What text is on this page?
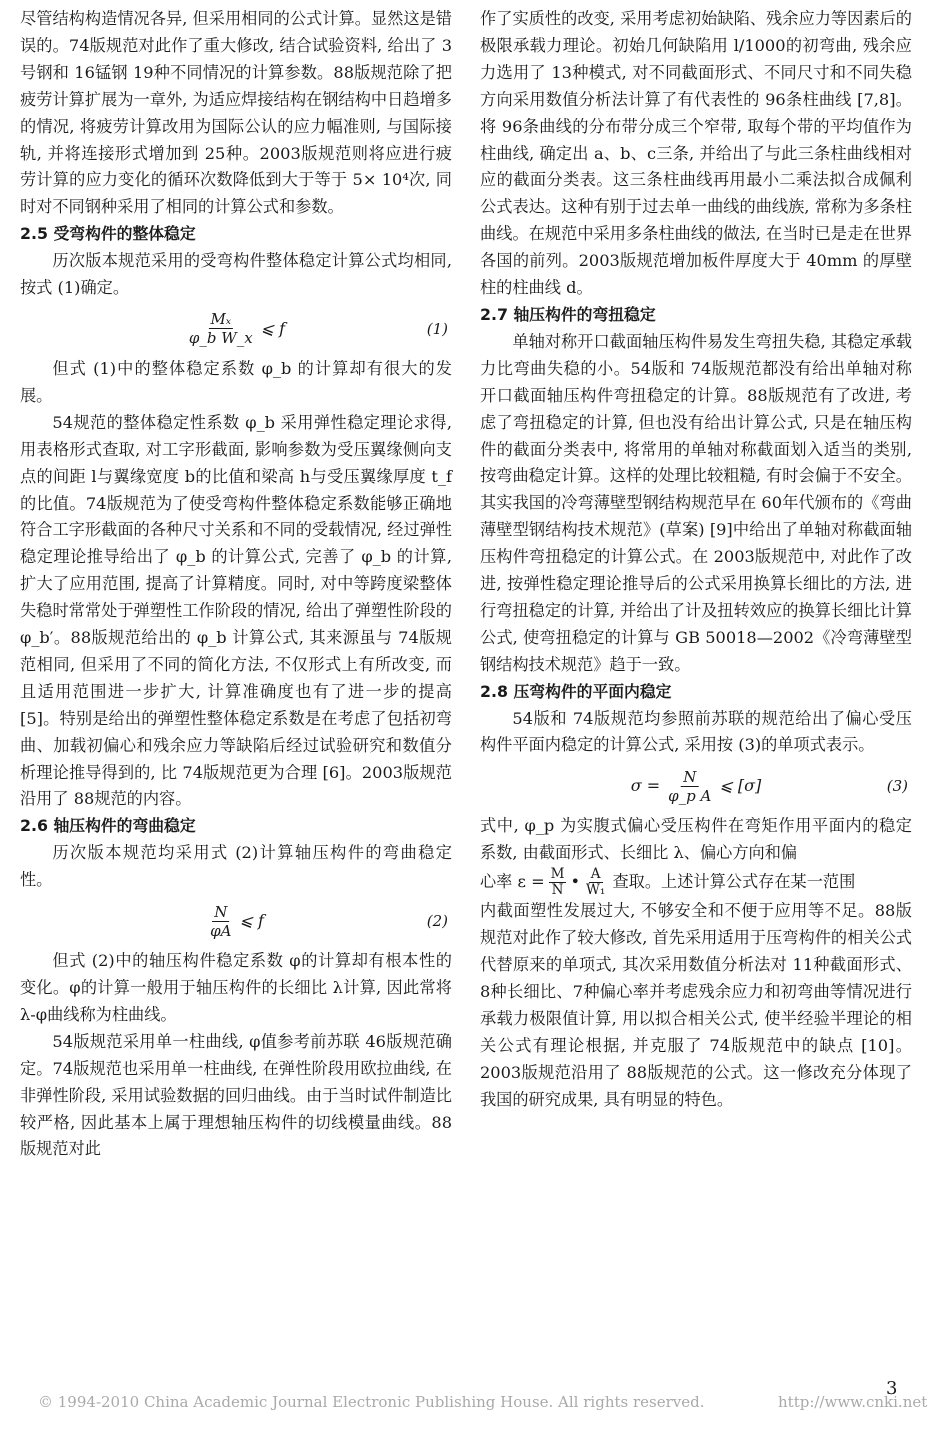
尽管结构构造情况各异, 但采用相同的公式计算。显然这是错误的。74版规范对此作了重大修改, 结合试验资料, 给出了 3号钢和 16锰钢 19种不同情况的计算参数。88版规范除了把疲劳计算扩展为一章外, 为适应焊接结构在钢结构中日趋增多的情况, 将疲劳计算改用为国际公认的应力幅准则, 与国际接轨, 并将连接形式增加到 25种。2003版规范则将应进行疲劳计算的应力变化的循环次数降低到大于等于 5× 10⁴次, 同时对不同钢种采用了相同的计算公式和参数。

2.5 受弯构件的整体稳定

历次版本规范采用的受弯构件整体稳定计算公式均相同, 按式 (1)确定。

$\frac{\text{Mₓ}}{\text{φ\_b W\_x}}$ ⩽ f	(1)

但式 (1)中的整体稳定系数 φ_b 的计算却有很大的发展。

54规范的整体稳定性系数 φ_b 采用弹性稳定理论求得, 用表格形式查取, 对工字形截面, 影响参数为受压翼缘侧向支点的间距 l与翼缘宽度 b的比值和梁高 h与受压翼缘厚度 t_f的比值。74版规范为了使受弯构件整体稳定系数能够正确地符合工字形截面的各种尺寸关系和不同的受载情况, 经过弹性稳定理论推导给出了 φ_b 的计算公式, 完善了 φ_b 的计算, 扩大了应用范围, 提高了计算精度。同时, 对中等跨度梁整体失稳时常常处于弹塑性工作阶段的情况, 给出了弹塑性阶段的 φ_b′。88版规范给出的 φ_b 计算公式, 其来源虽与 74版规范相同, 但采用了不同的简化方法, 不仅形式上有所改变, 而且适用范围进一步扩大, 计算准确度也有了进一步的提高 [5]。特别是给出的弹塑性整体稳定系数是在考虑了包括初弯曲、加载初偏心和残余应力等缺陷后经过试验研究和数值分析理论推导得到的, 比 74版规范更为合理 [6]。2003版规范沿用了 88规范的内容。

2.6 轴压构件的弯曲稳定

历次版本规范均采用式 (2)计算轴压构件的弯曲稳定性。

$\frac{N}{\varphi A}$ ⩽ f	(2)

但式 (2)中的轴压构件稳定系数 φ的计算却有根本性的变化。φ的计算一般用于轴压构件的长细比 λ计算, 因此常将 λ-φ曲线称为柱曲线。

54版规范采用单一柱曲线, φ值参考前苏联 46版规范确定。74版规范也采用单一柱曲线, 在弹性阶段用欧拉曲线, 在非弹性阶段, 采用试验数据的回归曲线。由于当时试件制造比较严格, 因此基本上属于理想轴压构件的切线模量曲线。88版规范对此

作了实质性的改变, 采用考虑初始缺陷、残余应力等因素后的极限承载力理论。初始几何缺陷用 l/1000的初弯曲, 残余应力选用了 13种模式, 对不同截面形式、不同尺寸和不同失稳方向采用数值分析法计算了有代表性的 96条柱曲线 [7,8]。将 96条曲线的分布带分成三个窄带, 取每个带的平均值作为柱曲线, 确定出 a、b、c三条, 并给出了与此三条柱曲线相对应的截面分类表。这三条柱曲线再用最小二乘法拟合成佩利公式表达。这种有别于过去单一曲线的曲线族, 常称为多条柱曲线。在规范中采用多条柱曲线的做法, 在当时已是走在世界各国的前列。2003版规范增加板件厚度大于 40mm 的厚壁柱的柱曲线 d。

2.7 轴压构件的弯扭稳定

单轴对称开口截面轴压构件易发生弯扭失稳, 其稳定承载力比弯曲失稳的小。54版和 74版规范都没有给出单轴对称开口截面轴压构件弯扭稳定的计算。88版规范有了改进, 考虑了弯扭稳定的计算, 但也没有给出计算公式, 只是在轴压构件的截面分类表中, 将常用的单轴对称截面划入适当的类别, 按弯曲稳定计算。这样的处理比较粗糙, 有时会偏于不安全。其实我国的冷弯薄壁型钢结构规范早在 60年代颁布的《弯曲薄壁型钢结构技术规范》(草案) [9]中给出了单轴对称截面轴压构件弯扭稳定的计算公式。在 2003版规范中, 对此作了改进, 按弹性稳定理论推导后的公式采用换算长细比的方法, 进行弯扭稳定的计算, 并给出了计及扭转效应的换算长细比计算公式, 使弯扭稳定的计算与 GB 50018—2002《冷弯薄壁型钢结构技术规范》趋于一致。

2.8 压弯构件的平面内稳定

54版和 74版规范均参照前苏联的规范给出了偏心受压构件平面内稳定的计算公式, 采用按 (3)的单项式表示。

$\sigma = \frac{N}{\text{φ\_p A}}$ ⩽ [σ]	(3)

式中, φ_p 为实腹式偏心受压构件在弯矩作用平面内的稳定系数, 由截面形式、长细比 λ、偏心方向和偏

心率 $\varepsilon = \frac{M}{N}$ • $\frac{A}{\text{W₁}}$ 查取。上述计算公式存在某一范围

内截面塑性发展过大, 不够安全和不便于应用等不足。88版规范对此作了较大修改, 首先采用适用于压弯构件的相关公式代替原来的单项式, 其次采用数值分析法对 11种截面形式、8种长细比、7种偏心率并考虑残余应力和初弯曲等情况进行承载力极限值计算, 用以拟合相关公式, 使半经验半理论的相关公式有理论根据, 并克服了 74版规范中的缺点 [10]。2003版规范沿用了 88版规范的公式。这一修改充分体现了我国的研究成果, 具有明显的特色。

3
© 1994-2010 China Academic Journal Electronic Publishing House. All rights reserved.	http://www.cnki.net
